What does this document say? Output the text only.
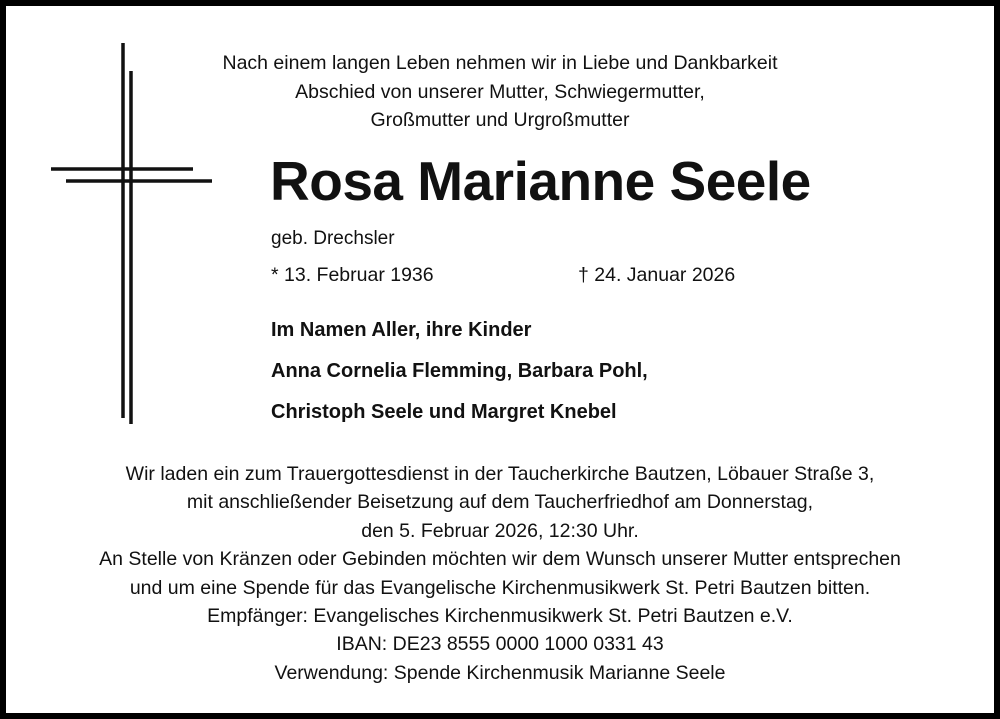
Nach einem langen Leben nehmen wir in Liebe und Dankbarkeit
Abschied von unserer Mutter, Schwiegermutter,
Großmutter und Urgroßmutter
Rosa Marianne Seele
geb. Drechsler
* 13. Februar 1936	† 24. Januar 2026
Im Namen Aller, ihre Kinder
Anna Cornelia Flemming, Barbara Pohl,
Christoph Seele und Margret Knebel
Wir laden ein zum Trauergottesdienst in der Taucherkirche Bautzen, Löbauer Straße 3,
mit anschließender Beisetzung auf dem Taucherfriedhof am Donnerstag,
den 5. Februar 2026, 12:30 Uhr.
An Stelle von Kränzen oder Gebinden möchten wir dem Wunsch unserer Mutter entsprechen
und um eine Spende für das Evangelische Kirchenmusikwerk St. Petri Bautzen bitten.
Empfänger: Evangelisches Kirchenmusikwerk St. Petri Bautzen e.V.
IBAN: DE23 8555 0000 1000 0331 43
Verwendung: Spende Kirchenmusik Marianne Seele
